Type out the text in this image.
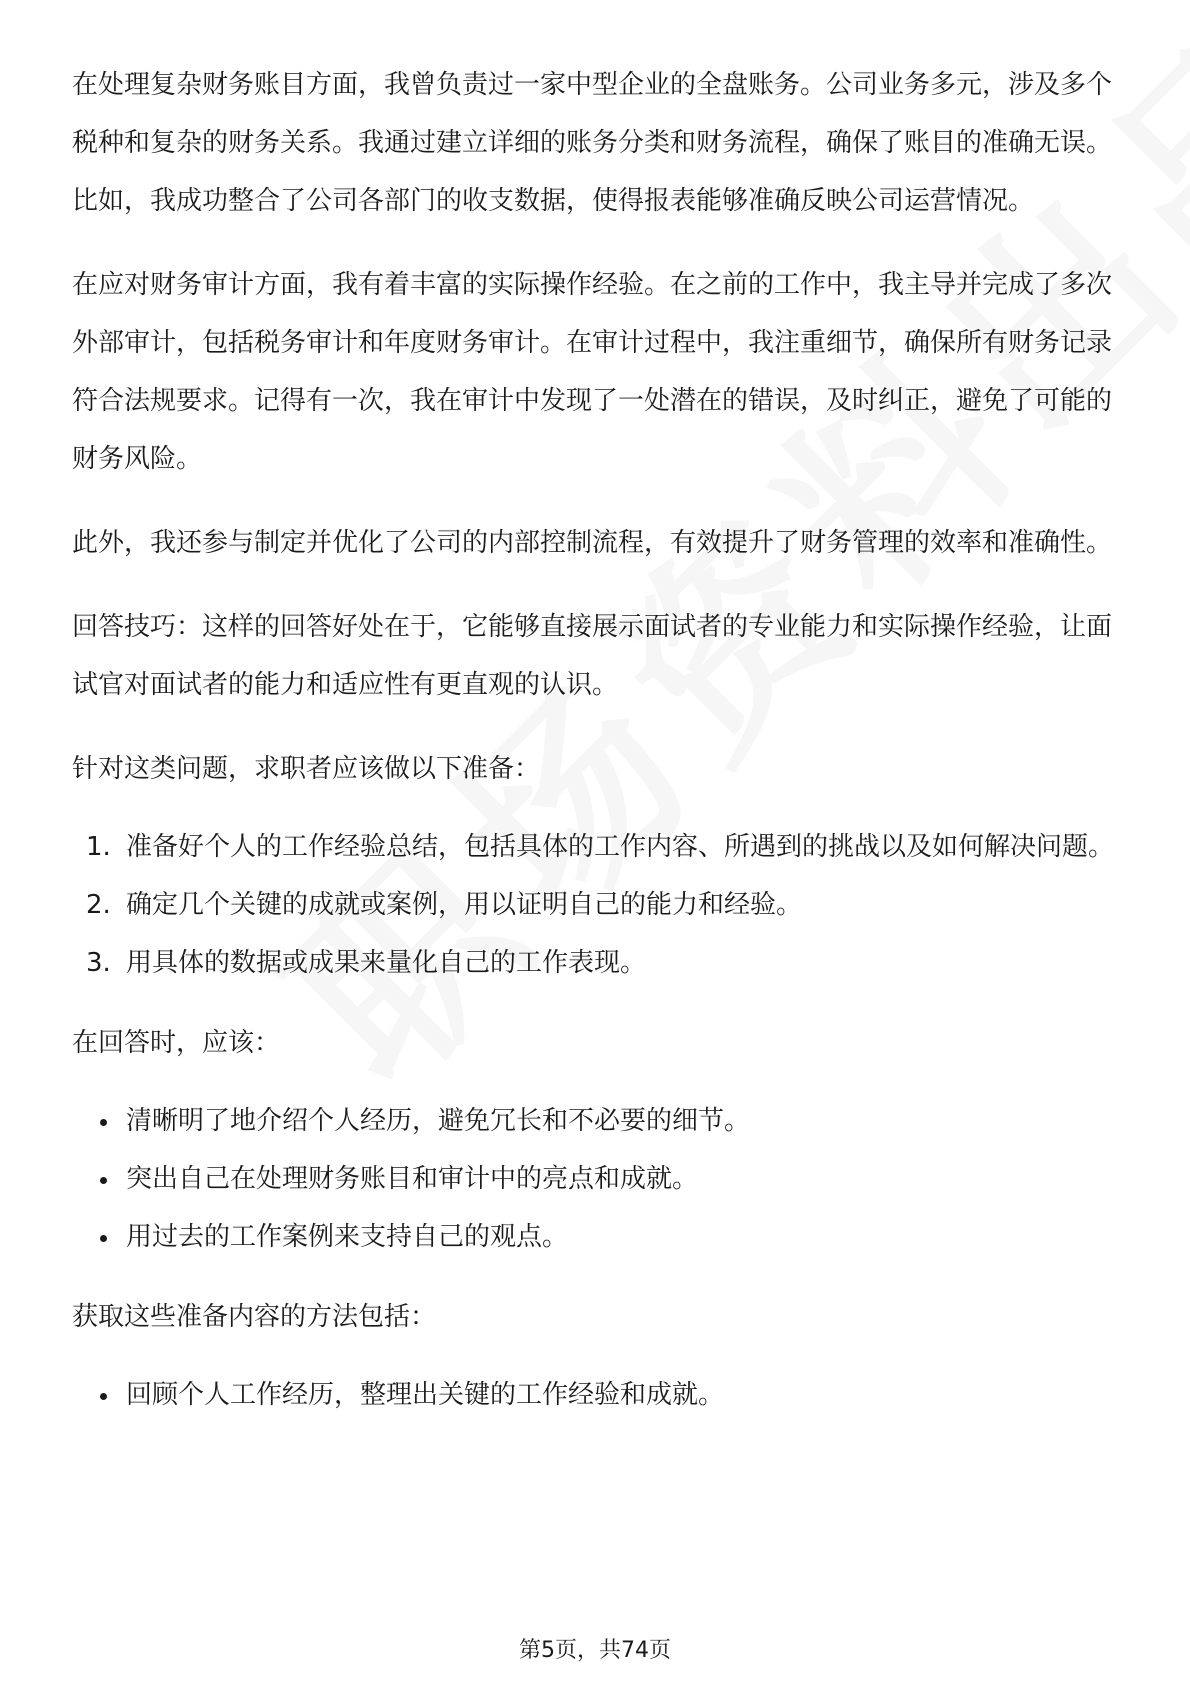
在处理复杂财务账目方面，我曾负责过一家中型企业的全盘账务。公司业务多元，涉及多个税种和复杂的财务关系。我通过建立详细的账务分类和财务流程，确保了账目的准确无误。比如，我成功整合了公司各部门的收支数据，使得报表能够准确反映公司运营情况。

在应对财务审计方面，我有着丰富的实际操作经验。在之前的工作中，我主导并完成了多次外部审计，包括税务审计和年度财务审计。在审计过程中，我注重细节，确保所有财务记录符合法规要求。记得有一次，我在审计中发现了一处潜在的错误，及时纠正，避免了可能的财务风险。

此外，我还参与制定并优化了公司的内部控制流程，有效提升了财务管理的效率和准确性。

回答技巧：这样的回答好处在于，它能够直接展示面试者的专业能力和实际操作经验，让面试官对面试者的能力和适应性有更直观的认识。

针对这类问题，求职者应该做以下准备：

1. 准备好个人的工作经验总结，包括具体的工作内容、所遇到的挑战以及如何解决问题。
2. 确定几个关键的成就或案例，用以证明自己的能力和经验。
3. 用具体的数据或成果来量化自己的工作表现。

在回答时，应该：

清晰明了地介绍个人经历，避免冗长和不必要的细节。
突出自己在处理财务账目和审计中的亮点和成就。
用过去的工作案例来支持自己的观点。

获取这些准备内容的方法包括：

回顾个人工作经历，整理出关键的工作经验和成就。
第5页，共74页
